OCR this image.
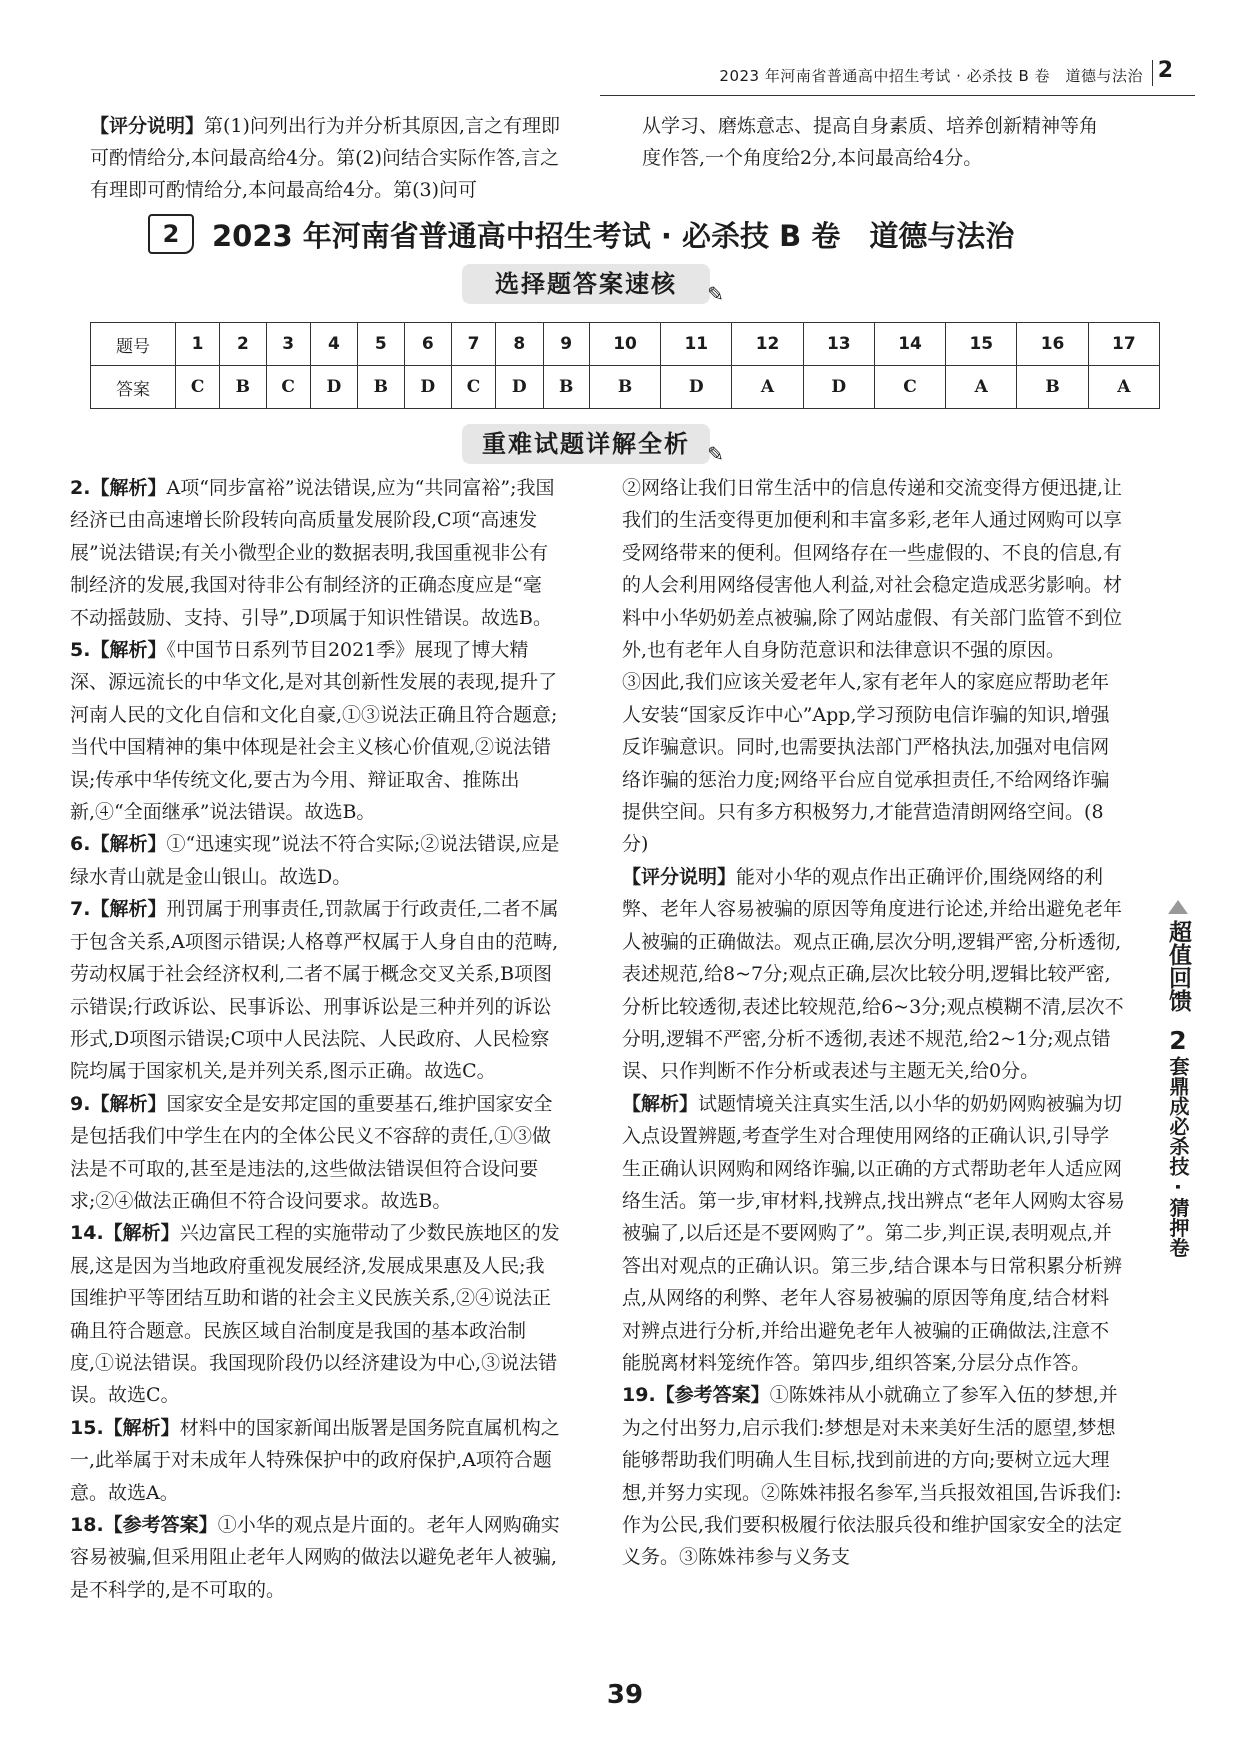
2023 年河南省普通高中招生考试 · 必杀技 B 卷　道德与法治 2

【评分说明】第(1)问列出行为并分析其原因,言之有理即可酌情给分,本问最高给4分。第(2)问结合实际作答,言之有理即可酌情给分,本问最高给4分。第(3)问可

从学习、磨炼意志、提高自身素质、培养创新精神等角度作答,一个角度给2分,本问最高给4分。

2	2023 年河南省普通高中招生考试 · 必杀技 B 卷　道德与法治
选择题答案速核 ✎
题号	1	2	3	4	5	6	7	8	9	10	11	12	13	14	15	16	17
答案	C	B	C	D	B	D	C	D	B	B	D	A	D	C	A	B	A
重难试题详解全析 ✎

2.【解析】A项“同步富裕”说法错误,应为“共同富裕”;我国经济已由高速增长阶段转向高质量发展阶段,C项“高速发展”说法错误;有关小微型企业的数据表明,我国重视非公有制经济的发展,我国对待非公有制经济的正确态度应是“毫不动摇鼓励、支持、引导”,D项属于知识性错误。故选B。

5.【解析】《中国节日系列节目2021季》展现了博大精深、源远流长的中华文化,是对其创新性发展的表现,提升了河南人民的文化自信和文化自豪,①③说法正确且符合题意;当代中国精神的集中体现是社会主义核心价值观,②说法错误;传承中华传统文化,要古为今用、辩证取舍、推陈出新,④“全面继承”说法错误。故选B。

6.【解析】①“迅速实现”说法不符合实际;②说法错误,应是绿水青山就是金山银山。故选D。

7.【解析】刑罚属于刑事责任,罚款属于行政责任,二者不属于包含关系,A项图示错误;人格尊严权属于人身自由的范畴,劳动权属于社会经济权利,二者不属于概念交叉关系,B项图示错误;行政诉讼、民事诉讼、刑事诉讼是三种并列的诉讼形式,D项图示错误;C项中人民法院、人民政府、人民检察院均属于国家机关,是并列关系,图示正确。故选C。

9.【解析】国家安全是安邦定国的重要基石,维护国家安全是包括我们中学生在内的全体公民义不容辞的责任,①③做法是不可取的,甚至是违法的,这些做法错误但符合设问要求;②④做法正确但不符合设问要求。故选B。

14.【解析】兴边富民工程的实施带动了少数民族地区的发展,这是因为当地政府重视发展经济,发展成果惠及人民;我国维护平等团结互助和谐的社会主义民族关系,②④说法正确且符合题意。民族区域自治制度是我国的基本政治制度,①说法错误。我国现阶段仍以经济建设为中心,③说法错误。故选C。

15.【解析】材料中的国家新闻出版署是国务院直属机构之一,此举属于对未成年人特殊保护中的政府保护,A项符合题意。故选A。

18.【参考答案】①小华的观点是片面的。老年人网购确实容易被骗,但采用阻止老年人网购的做法以避免老年人被骗,是不科学的,是不可取的。

②网络让我们日常生活中的信息传递和交流变得方便迅捷,让我们的生活变得更加便利和丰富多彩,老年人通过网购可以享受网络带来的便利。但网络存在一些虚假的、不良的信息,有的人会利用网络侵害他人利益,对社会稳定造成恶劣影响。材料中小华奶奶差点被骗,除了网站虚假、有关部门监管不到位外,也有老年人自身防范意识和法律意识不强的原因。

③因此,我们应该关爱老年人,家有老年人的家庭应帮助老年人安装“国家反诈中心”App,学习预防电信诈骗的知识,增强反诈骗意识。同时,也需要执法部门严格执法,加强对电信网络诈骗的惩治力度;网络平台应自觉承担责任,不给网络诈骗提供空间。只有多方积极努力,才能营造清朗网络空间。(8分)

【评分说明】能对小华的观点作出正确评价,围绕网络的利弊、老年人容易被骗的原因等角度进行论述,并给出避免老年人被骗的正确做法。观点正确,层次分明,逻辑严密,分析透彻,表述规范,给8~7分;观点正确,层次比较分明,逻辑比较严密,分析比较透彻,表述比较规范,给6~3分;观点模糊不清,层次不分明,逻辑不严密,分析不透彻,表述不规范,给2~1分;观点错误、只作判断不作分析或表述与主题无关,给0分。

【解析】试题情境关注真实生活,以小华的奶奶网购被骗为切入点设置辨题,考查学生对合理使用网络的正确认识,引导学生正确认识网购和网络诈骗,以正确的方式帮助老年人适应网络生活。第一步,审材料,找辨点,找出辨点“老年人网购太容易被骗了,以后还是不要网购了”。第二步,判正误,表明观点,并答出对观点的正确认识。第三步,结合课本与日常积累分析辨点,从网络的利弊、老年人容易被骗的原因等角度,结合材料对辨点进行分析,并给出避免老年人被骗的正确做法,注意不能脱离材料笼统作答。第四步,组织答案,分层分点作答。

19.【参考答案】①陈姝祎从小就确立了参军入伍的梦想,并为之付出努力,启示我们:梦想是对未来美好生活的愿望,梦想能够帮助我们明确人生目标,找到前进的方向;要树立远大理想,并努力实现。②陈姝祎报名参军,当兵报效祖国,告诉我们:作为公民,我们要积极履行依法服兵役和维护国家安全的法定义务。③陈姝祎参与义务支

超值回馈
2
套鼎成必杀技 · 猜押卷
39
